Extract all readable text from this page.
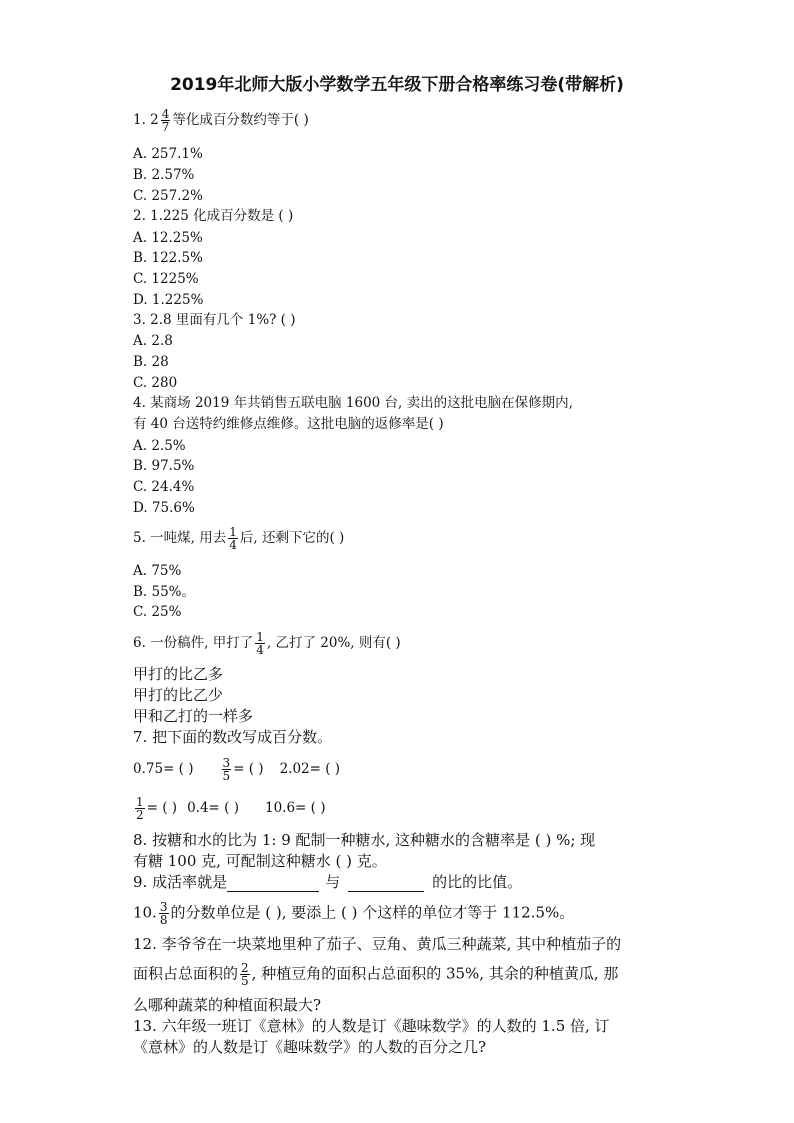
2019年北师大版小学数学五年级下册合格率练习卷(带解析)
1. $2 \frac{4}{7}$ 等化成百分数约等于( )
A. 257.1%
B. 2.57%
C. 257.2%
2. 1.225 化成百分数是 ( )
A. 12.25%
B. 122.5%
C. 1225%
D. 1.225%
3. 2.8 里面有几个 1%? ( )
A. 2.8
B. 28
C. 280
4. 某商场 2019 年共销售五联电脑 1600 台, 卖出的这批电脑在保修期内,
有 40 台送特约维修点维修。这批电脑的返修率是( )
A. 2.5%
B. 97.5%
C. 24.4%
D. 75.6%
5. 一吨煤, 用去 $\frac{1}{4}$ 后, 还剩下它的( )
A. 75%
B. 55%。
C. 25%
6. 一份稿件, 甲打了 $\frac{1}{4}$ , 乙打了 20%, 则有( )
甲打的比乙多
甲打的比乙少
甲和乙打的一样多
7. 把下面的数改写成百分数。
0.75= ( ) $\frac{3}{5}$ = ( ) 2.02= ( )
$\frac{1}{2}$ = ( ) 0.4= ( ) 10.6= ( )
8. 按糖和水的比为 1: 9 配制一种糖水, 这种糖水的含糖率是 ( ) %; 现
有糖 100 克, 可配制这种糖水 ( ) 克。
9. 成活率就是	与	的比的比值。
10. $\frac{3}{8}$ 的分数单位是 ( ), 要添上 ( ) 个这样的单位才等于 112.5%。
12. 李爷爷在一块菜地里种了茄子、豆角、黄瓜三种蔬菜, 其中种植茄子的
面积占总面积的 $\frac{2}{5}$ , 种植豆角的面积占总面积的 35%, 其余的种植黄瓜, 那
么哪种蔬菜的种植面积最大?
13. 六年级一班订《意林》的人数是订《趣味数学》的人数的 1.5 倍, 订
《意林》的人数是订《趣味数学》的人数的百分之几?
